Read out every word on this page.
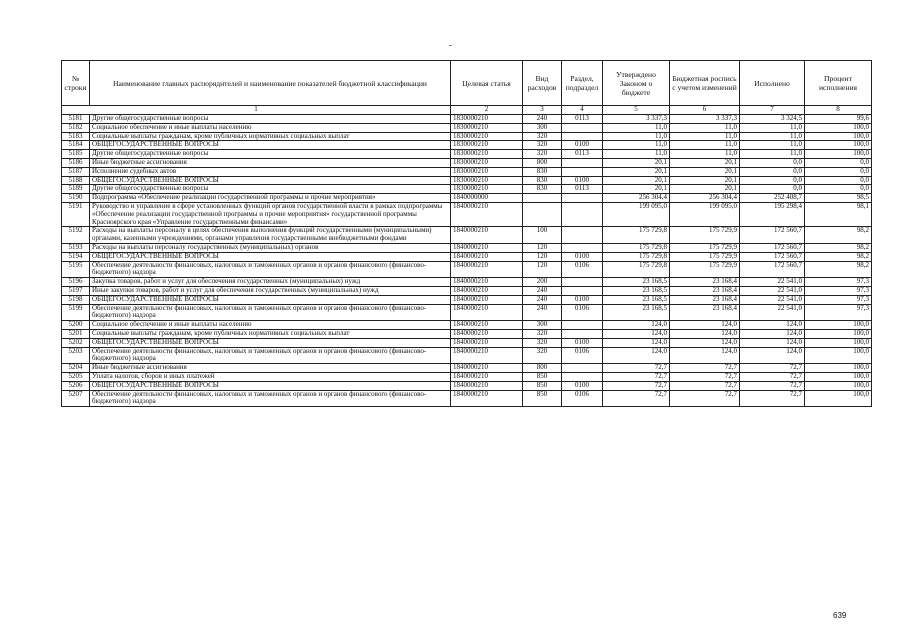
№ строки	Наименование главных распорядителей и наименование показателей бюджетной классификации	Целевая статья	Вид расходов	Раздел, подраздел	Утверждено Законом о бюджете	Бюджетная роспись с учетом изменений	Исполнено	Процент исполнения
1		2	3	4	5	6	7	8
5181	Другие общегосударственные вопросы	1830000210	240	0113	3 337,3	3 337,3	3 324,5	99,6
5182	Социальное обеспечение и иные выплаты населению	1830000210	300		11,0	11,0	11,0	100,0
5183	Социальные выплаты гражданам, кроме публичных нормативных социальных выплат	1830000210	320		11,0	11,0	11,0	100,0
5184	ОБЩЕГОСУДАРСТВЕННЫЕ ВОПРОСЫ	1830000210	320	0100	11,0	11,0	11,0	100,0
5185	Другие общегосударственные вопросы	1830000210	320	0113	11,0	11,0	11,0	100,0
5186	Иные бюджетные ассигнования	1830000210	800		20,1	20,1	0,0	0,0
5187	Исполнение судебных актов	1830000210	830		20,1	20,1	0,0	0,0
5188	ОБЩЕГОСУДАРСТВЕННЫЕ ВОПРОСЫ	1830000210	830	0100	20,1	20,1	0,0	0,0
5189	Другие общегосударственные вопросы	1830000210	830	0113	20,1	20,1	0,0	0,0
5190	Подпрограмма «Обеспечение реализации государственной программы и прочие мероприятия»	1840000000			256 304,4	256 304,4	252 408,7	98,5
5191	Руководство и управление в сфере установленных функций органов государственной власти в рамках подпрограммы «Обеспечение реализации государственной программы и прочие мероприятия» государственной программы Красноярского края «Управление государственными финансами»	1840000210			199 095,0	199 095,0	195 298,4	98,1
5192	Расходы на выплаты персоналу в целях обеспечения выполнения функций государственными (муниципальными) органами, казенными учреждениями, органами управления государственными внебюджетными фондами	1840000210	100		175 729,8	175 729,9	172 560,7	98,2
5193	Расходы на выплаты персоналу государственных (муниципальных) органов	1840000210	120		175 729,8	175 729,9	172 560,7	98,2
5194	ОБЩЕГОСУДАРСТВЕННЫЕ ВОПРОСЫ	1840000210	120	0100	175 729,8	175 729,9	172 560,7	98,2
5195	Обеспечение деятельности финансовых, налоговых и таможенных органов и органов финансового (финансово-бюджетного) надзора	1840000210	120	0106	175 729,8	175 729,9	172 560,7	98,2
5196	Закупка товаров, работ и услуг для обеспечения государственных (муниципальных) нужд	1840000210	200		23 168,5	23 168,4	22 541,0	97,3
5197	Иные закупки товаров, работ и услуг для обеспечения государственных (муниципальных) нужд	1840000210	240		23 168,5	23 168,4	22 541,0	97,3
5198	ОБЩЕГОСУДАРСТВЕННЫЕ ВОПРОСЫ	1840000210	240	0100	23 168,5	23 168,4	22 541,0	97,3
5199	Обеспечение деятельности финансовых, налоговых и таможенных органов и органов финансового (финансово-бюджетного) надзора	1840000210	240	0106	23 168,5	23 168,4	22 541,0	97,3
5200	Социальное обеспечение и иные выплаты населению	1840000210	300		124,0	124,0	124,0	100,0
5201	Социальные выплаты гражданам, кроме публичных нормативных социальных выплат	1840000210	320		124,0	124,0	124,0	100,0
5202	ОБЩЕГОСУДАРСТВЕННЫЕ ВОПРОСЫ	1840000210	320	0100	124,0	124,0	124,0	100,0
5203	Обеспечение деятельности финансовых, налоговых и таможенных органов и органов финансового (финансово-бюджетного) надзора	1840000210	320	0106	124,0	124,0	124,0	100,0
5204	Иные бюджетные ассигнования	1840000210	800		72,7	72,7	72,7	100,0
5205	Уплата налогов, сборов и иных платежей	1840000210	850		72,7	72,7	72,7	100,0
5206	ОБЩЕГОСУДАРСТВЕННЫЕ ВОПРОСЫ	1840000210	850	0100	72,7	72,7	72,7	100,0
5207	Обеспечение деятельности финансовых, налоговых и таможенных органов и органов финансового (финансово-бюджетного) надзора	1840000210	850	0106	72,7	72,7	72,7	100,0
639
